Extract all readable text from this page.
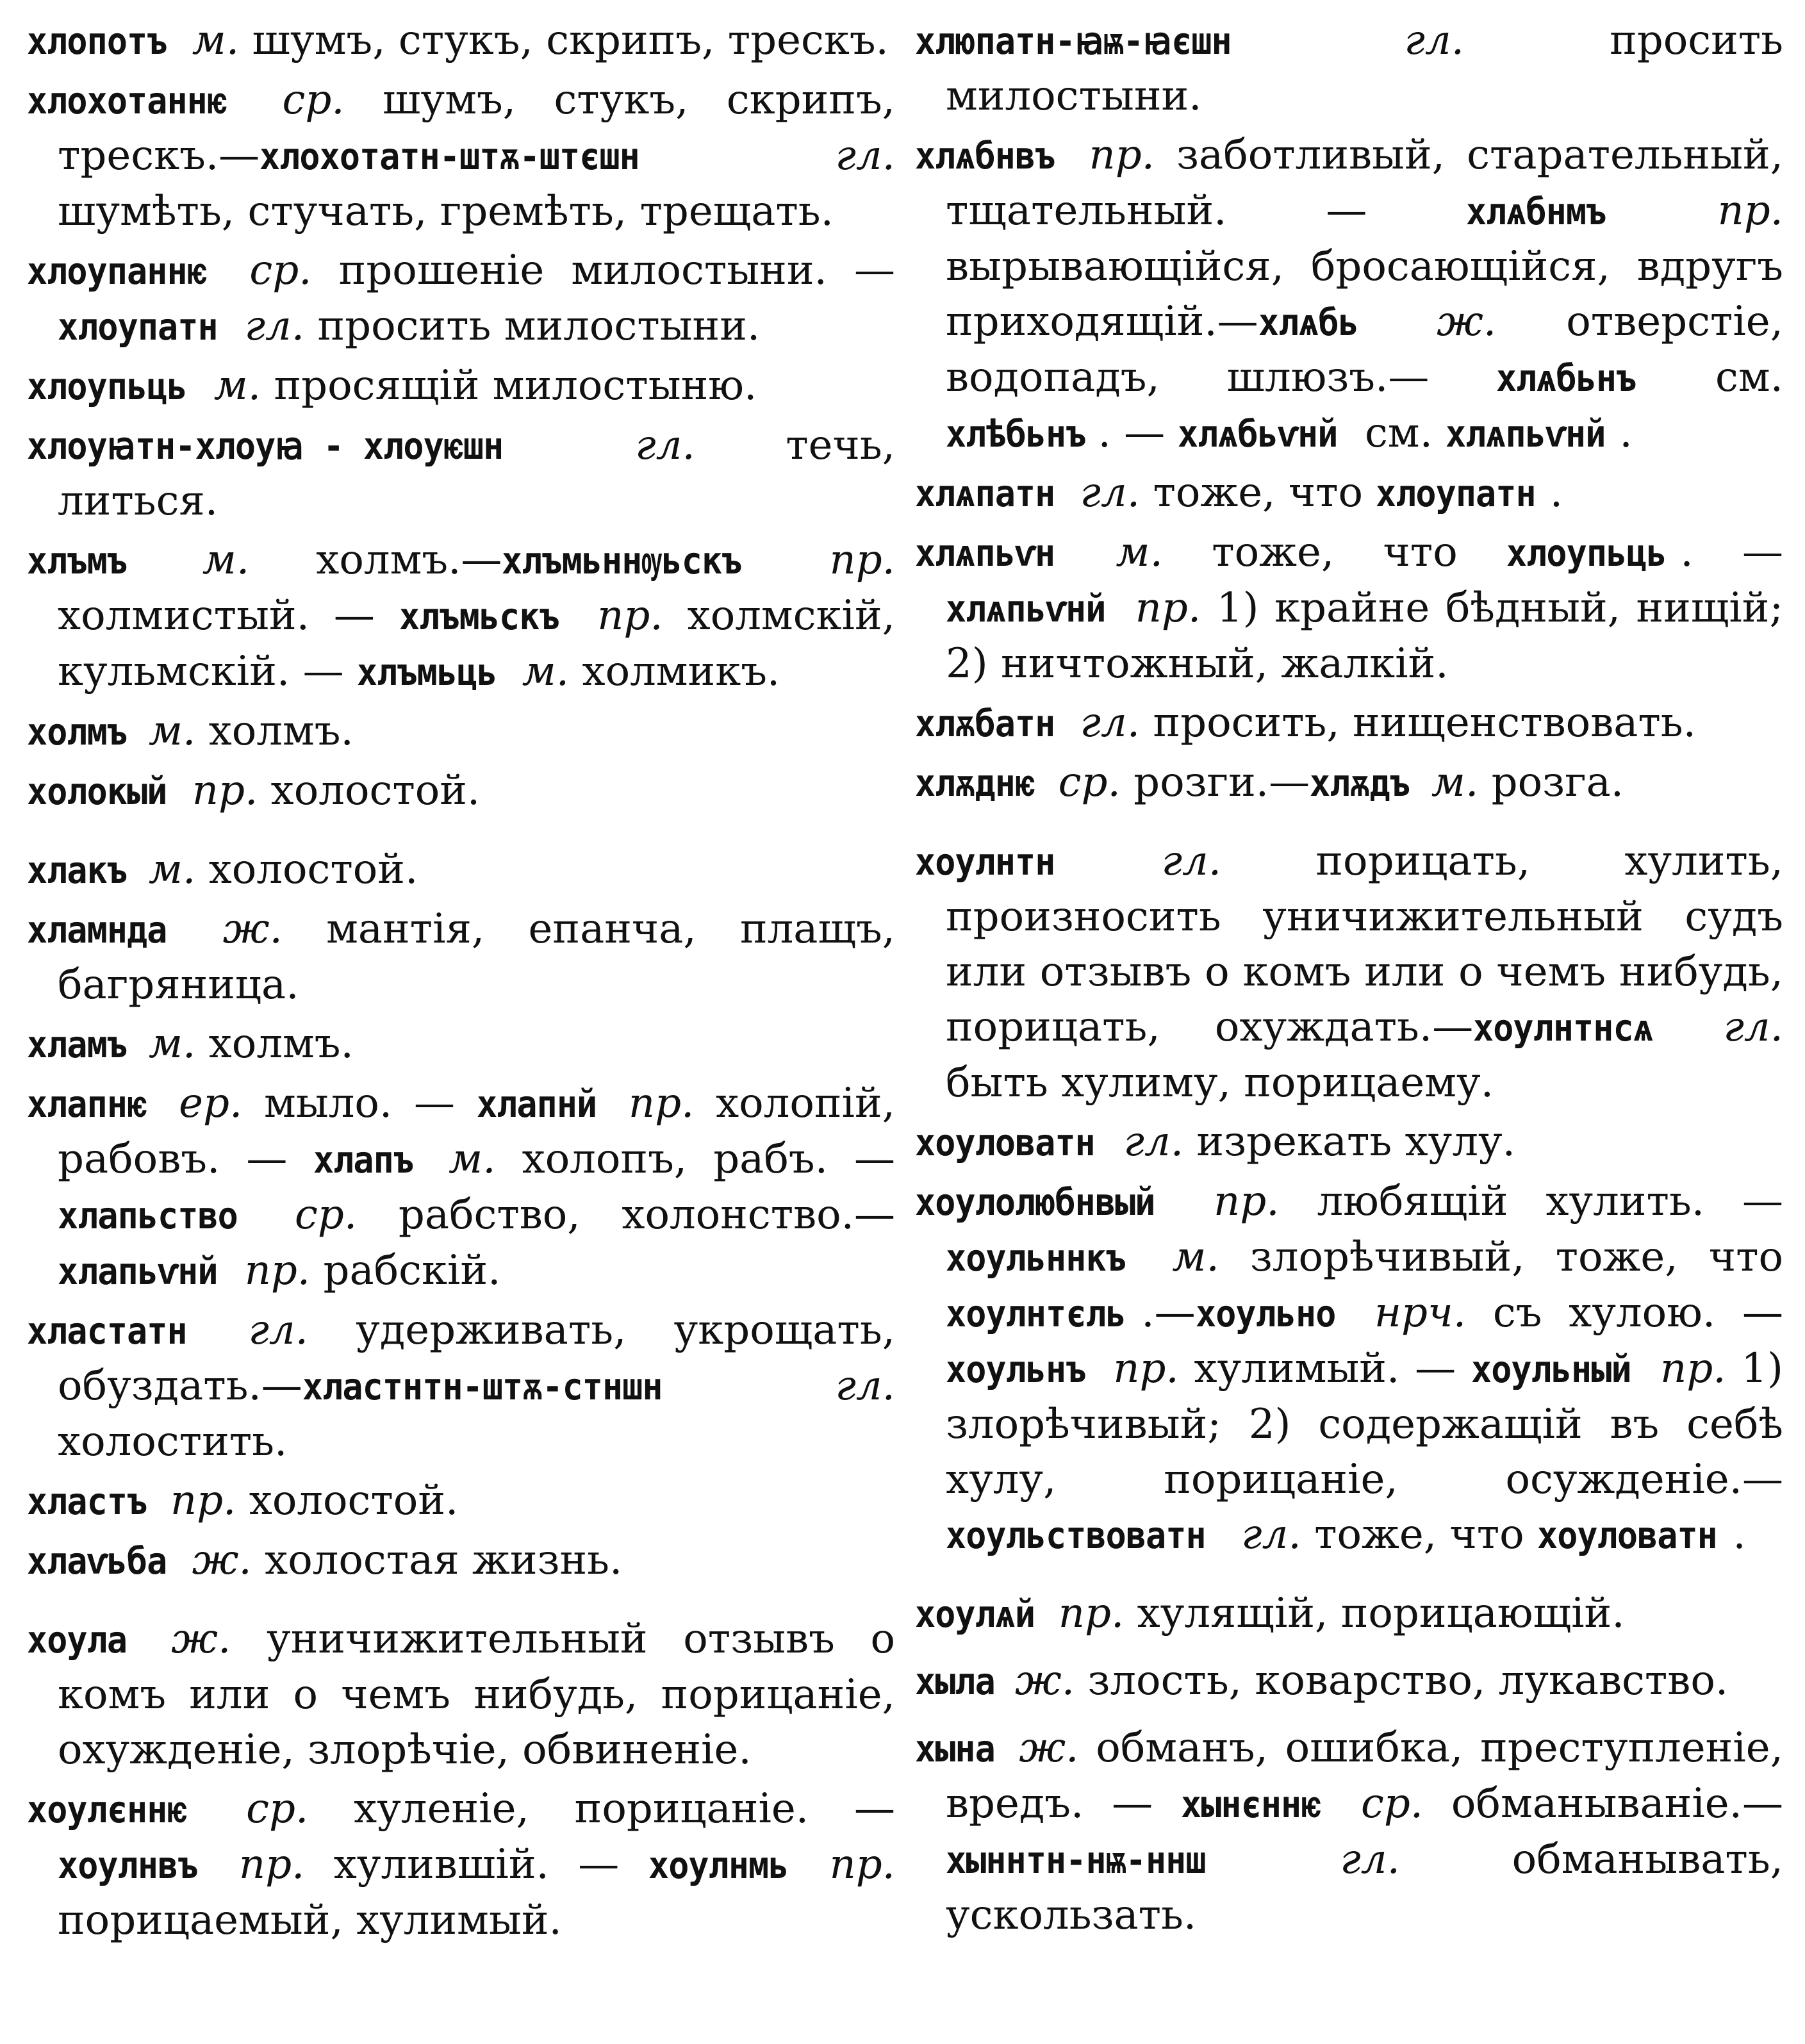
хлопотъ м. шумъ, стукъ, скрипъ, трескъ.

хлохотаннѥ ср. шумъ, стукъ, скрипъ, трескъ.—хлохотатн-штѫ-штєшн	гл. шумѣть, стучать, гремѣть, трещать.

хлоупаннѥ ср. прошеніе милостыни. —хлоупатн гл. просить милостыни.

хлоупьць м. просящій милостыню.

хлоуꙗтн-хлоуꙗ - хлоуѥшн	гл. течь, литься.

хлъмъ м. холмъ.—хлъмьннѹьскъ пр. холмистый. — хлъмьскъ пр. холмскій, кульмскій. — хлъмьць м. холмикъ.

холмъ м. холмъ.

холокый пр. холостой.

хлакъ м. холостой.

хламнда ж. мантія, епанча, плащъ, багряница.

хламъ м. холмъ.

хлапнѥ ер. мыло. — хлапнй пр. холопій, рабовъ. — хлапъ м. холопъ, рабъ. — хлапьство ср. рабство, холонство.—хлапьѵнй пр. рабскій.

хластатн гл. удерживать, укрощать, обуздать.—хластнтн-штѫ-стншн	гл. холостить.

хластъ пр. холостой.

хлаѵьба ж. холостая жизнь.

хоула ж. уничижительный отзывъ о комъ или о чемъ нибудь, порицаніе, охужденіе, злорѣчіе, обвиненіе.

хоулєннѥ ср. хуленіе, порицаніе. — хоулнвъ пр. хулившій. — хоулнмь пр. порицаемый, хулимый.

хлюпатн-ꙗѭ-ꙗєшн	гл. просить милостыни.

хлѧбнвъ пр. заботливый, старательный, тщательный. — хлѧбнмъ	пр. вырывающійся, бросающійся, вдругъ приходящій.—хлѧбь ж. отверстіе, водопадъ, шлюзъ.— хлѧбьнъ см. хлѣбьнъ . — хлѧбьѵнй см. хлѧпьѵнй .

хлѧпатн гл. тоже, что хлоупатн .

хлѧпьѵн м. тоже, что хлоупьць . — хлѧпьѵнй пр. 1) крайне бѣдный, нищій; 2) ничтожный, жалкій.

хлѫбатн гл. просить, нищенствовать.

хлѫднѥ ср. розги.—хлѫдъ м. розга.

хоулнтн	гл. порицать, хулить, произносить уничижительный судъ или отзывъ о комъ или о чемъ нибудь, порицать, охуждать.—хоулнтнсѧ гл. быть хулиму, порицаему.

хоуловатн гл. изрекать хулу.

хоулолюбнвый пр. любящій хулить. —хоульннкъ м. злорѣчивый, тоже, что хоулнтєль .—хоульно нрч. съ хулою. — хоульнъ пр. хулимый. — хоульный пр. 1) злорѣчивый; 2) содержащій въ себѣ хулу, порицаніе, осужденіе.—хоульствоватн гл. тоже, что хоуловатн .

хоулѧй пр. хулящій, порицающій.

хыла ж. злость, коварство, лукавство.

хына ж. обманъ, ошибка, преступленіе, вредъ. — хынєннѥ ср. обманываніе.—хыннтн-нѭ-ннш	гл. обманывать, ускользать.
